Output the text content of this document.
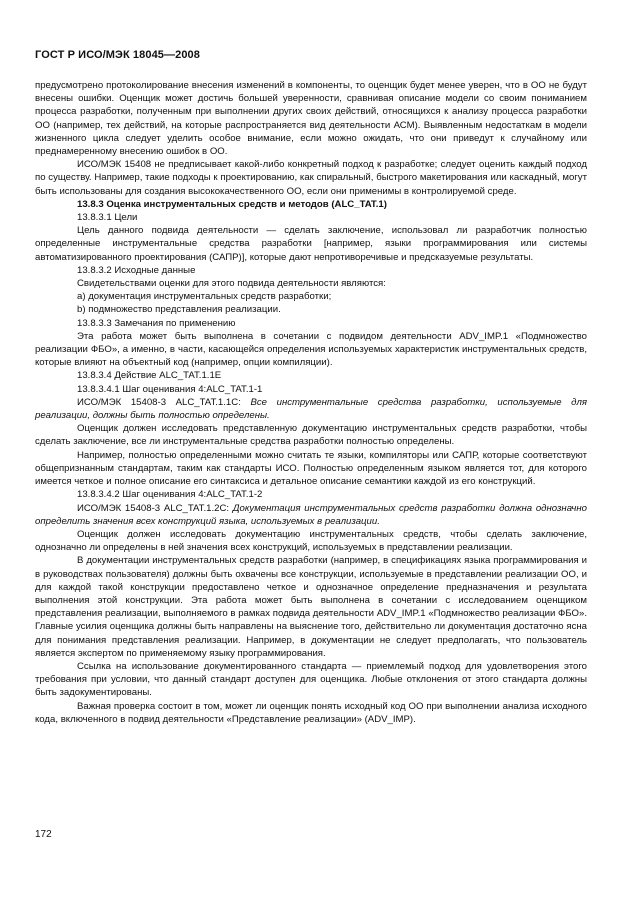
ГОСТ Р ИСО/МЭК 18045—2008

предусмотрено протоколирование внесения изменений в компоненты, то оценщик будет менее уверен, что в ОО не будут внесены ошибки. Оценщик может достичь большей уверенности, сравнивая описание модели со своим пониманием процесса разработки, полученным при выполнении других своих действий, относящихся к анализу процесса разработки ОО (например, тех действий, на которые распространяется вид деятельности АСМ). Выявленным недостаткам в модели жизненного цикла следует уделить особое внимание, если можно ожидать, что они приведут к случайному или преднамеренному внесению ошибок в ОО.

ИСО/МЭК 15408 не предписывает какой-либо конкретный подход к разработке; следует оценить каждый подход по существу. Например, такие подходы к проектированию, как спиральный, быстрого макетирования или каскадный, могут быть использованы для создания высококачественного ОО, если они применимы в контролируемой среде.

13.8.3 Оценка инструментальных средств и методов (ALC_TAT.1)

13.8.3.1 Цели

Цель данного подвида деятельности — сделать заключение, использовал ли разработчик полностью определенные инструментальные средства разработки [например, языки программирования или системы автоматизированного проектирования (САПР)], которые дают непротиворечивые и предсказуемые результаты.

13.8.3.2 Исходные данные

Свидетельствами оценки для этого подвида деятельности являются:

a) документация инструментальных средств разработки;

b) подмножество представления реализации.

13.8.3.3 Замечания по применению

Эта работа может быть выполнена в сочетании с подвидом деятельности ADV_IMP.1 «Подмножество реализации ФБО», а именно, в части, касающейся определения используемых характеристик инструментальных средств, которые влияют на объектный код (например, опции компиляции).

13.8.3.4 Действие ALC_TAT.1.1E

13.8.3.4.1 Шаг оценивания 4:ALC_TAT.1-1

ИСО/МЭК 15408-3 ALC_TAT.1.1C: Все инструментальные средства разработки, используемые для реализации, должны быть полностью определены.

Оценщик должен исследовать представленную документацию инструментальных средств разработки, чтобы сделать заключение, все ли инструментальные средства разработки полностью определены.

Например, полностью определенными можно считать те языки, компиляторы или САПР, которые соответствуют общепризнанным стандартам, таким как стандарты ИСО. Полностью определенным языком является тот, для которого имеется четкое и полное описание его синтаксиса и детальное описание семантики каждой из его конструкций.

13.8.3.4.2 Шаг оценивания 4:ALC_TAT.1-2

ИСО/МЭК 15408-3 ALC_TAT.1.2C: Документация инструментальных средств разработки должна однозначно определить значения всех конструкций языка, используемых в реализации.

Оценщик должен исследовать документацию инструментальных средств, чтобы сделать заключение, однозначно ли определены в ней значения всех конструкций, используемых в представлении реализации.

В документации инструментальных средств разработки (например, в спецификациях языка программирования и в руководствах пользователя) должны быть охвачены все конструкции, используемые в представлении реализации ОО, и для каждой такой конструкции предоставлено четкое и однозначное определение предназначения и результата выполнения этой конструкции. Эта работа может быть выполнена в сочетании с исследованием оценщиком представления реализации, выполняемого в рамках подвида деятельности ADV_IMP.1 «Подмножество реализации ФБО». Главные усилия оценщика должны быть направлены на выяснение того, действительно ли документация достаточно ясна для понимания представления реализации. Например, в документации не следует предполагать, что пользователь является экспертом по применяемому языку программирования.

Ссылка на использование документированного стандарта — приемлемый подход для удовлетворения этого требования при условии, что данный стандарт доступен для оценщика. Любые отклонения от этого стандарта должны быть задокументированы.

Важная проверка состоит в том, может ли оценщик понять исходный код ОО при выполнении анализа исходного кода, включенного в подвид деятельности «Представление реализации» (ADV_IMP).

172
